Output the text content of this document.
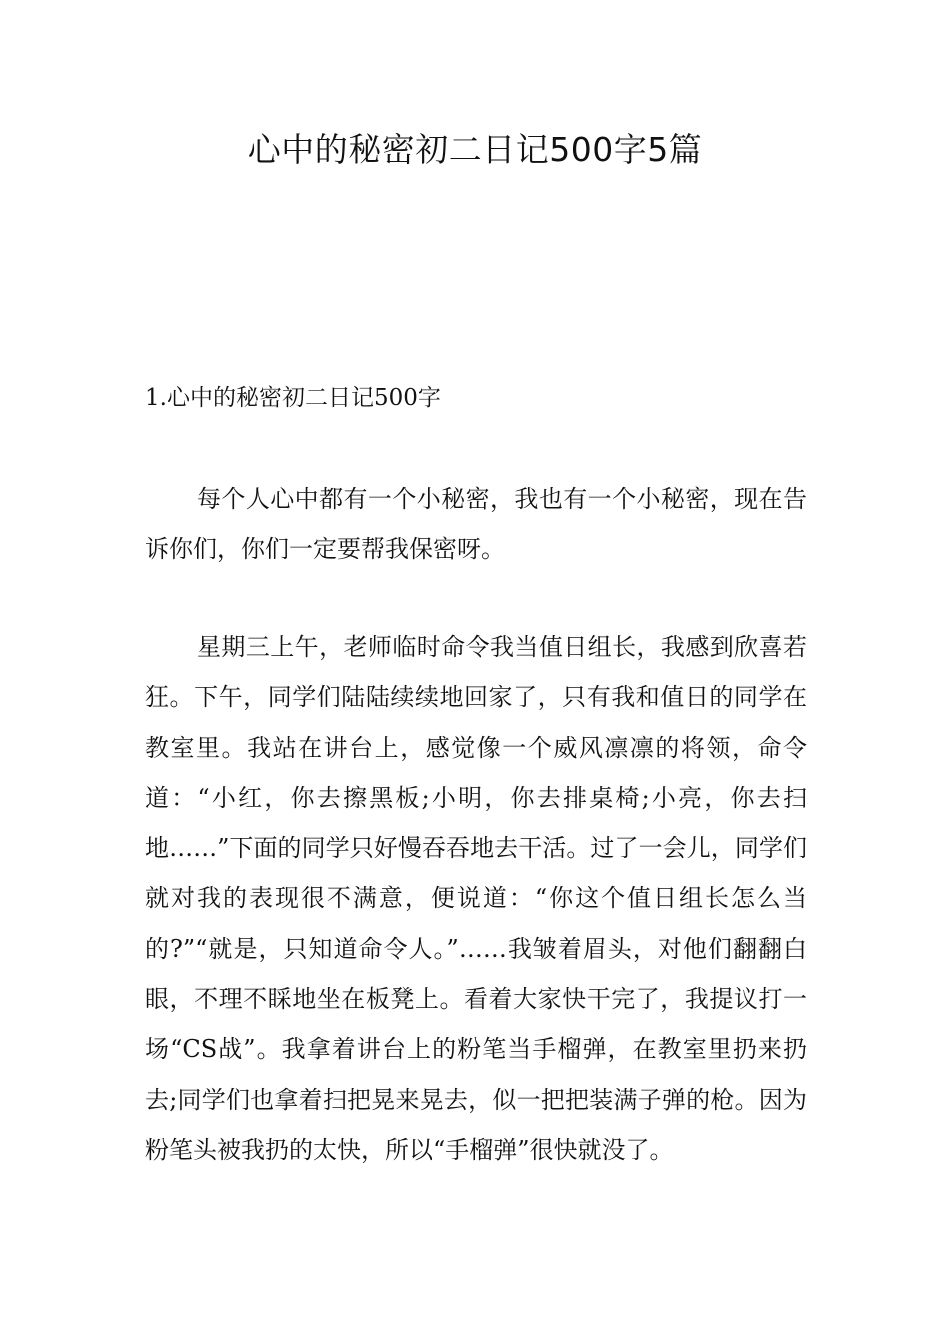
心中的秘密初二日记500字5篇
1.心中的秘密初二日记500字

每个人心中都有一个小秘密，我也有一个小秘密，现在告诉你们，你们一定要帮我保密呀。

星期三上午，老师临时命令我当值日组长，我感到欣喜若狂。下午，同学们陆陆续续地回家了，只有我和值日的同学在教室里。我站在讲台上，感觉像一个威风凛凛的将领，命令道：“小红，你去擦黑板;小明，你去排桌椅;小亮，你去扫地……”下面的同学只好慢吞吞地去干活。过了一会儿，同学们就对我的表现很不满意，便说道：“你这个值日组长怎么当的?”“就是，只知道命令人。”……我皱着眉头，对他们翻翻白眼，不理不睬地坐在板凳上。看着大家快干完了，我提议打一场“CS战”。我拿着讲台上的粉笔当手榴弹，在教室里扔来扔去;同学们也拿着扫把晃来晃去，似一把把装满子弹的枪。因为粉笔头被我扔的太快，所以“手榴弹”很快就没了。
